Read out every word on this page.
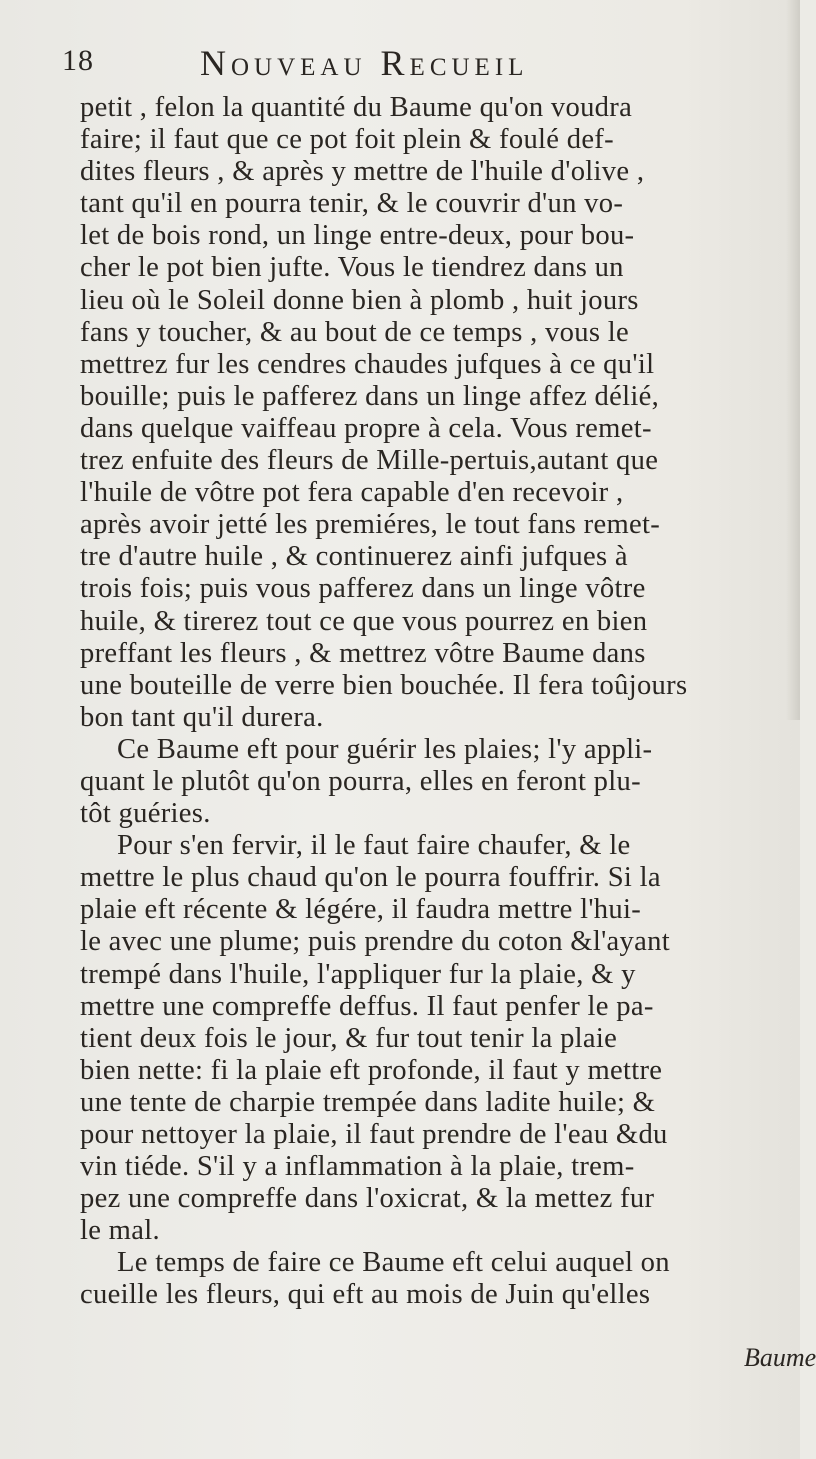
18	Nouveau Recueil
petit , felon la quantité du Baume qu'on voudra
faire; il faut que ce pot foit plein & foulé def-
dites fleurs , & après y mettre de l'huile d'olive ,
tant qu'il en pourra tenir, & le couvrir d'un vo-
let de bois rond, un linge entre-deux, pour bou-
cher le pot bien jufte. Vous le tiendrez dans un
lieu où le Soleil donne bien à plomb , huit jours
fans y toucher, & au bout de ce temps , vous le
mettrez fur les cendres chaudes jufques à ce qu'il
bouille; puis le pafferez dans un linge affez délié,
dans quelque vaiffeau propre à cela. Vous remet-
trez enfuite des fleurs de Mille-pertuis,autant que
l'huile de vôtre pot fera capable d'en recevoir ,
après avoir jetté les premiéres, le tout fans remet-
tre d'autre huile , & continuerez ainfi jufques à
trois fois; puis vous pafferez dans un linge vôtre
huile, & tirerez tout ce que vous pourrez en bien
preffant les fleurs , & mettrez vôtre Baume dans
une bouteille de verre bien bouchée. Il fera toûjours
bon tant qu'il durera.
Ce Baume eft pour guérir les plaies; l'y appli-
quant le plutôt qu'on pourra, elles en feront plu-
tôt guéries.
Pour s'en fervir, il le faut faire chaufer, & le
mettre le plus chaud qu'on le pourra fouffrir. Si la
plaie eft récente & légére, il faudra mettre l'hui-
le avec une plume; puis prendre du coton &l'ayant
trempé dans l'huile, l'appliquer fur la plaie, & y
mettre une compreffe deffus. Il faut penfer le pa-
tient deux fois le jour, & fur tout tenir la plaie
bien nette: fi la plaie eft profonde, il faut y mettre
une tente de charpie trempée dans ladite huile; &
pour nettoyer la plaie, il faut prendre de l'eau &du
vin tiéde. S'il y a inflammation à la plaie, trem-
pez une compreffe dans l'oxicrat, & la mettez fur
le mal.
Le temps de faire ce Baume eft celui auquel on
cueille les fleurs, qui eft au mois de Juin qu'elles
Baume
